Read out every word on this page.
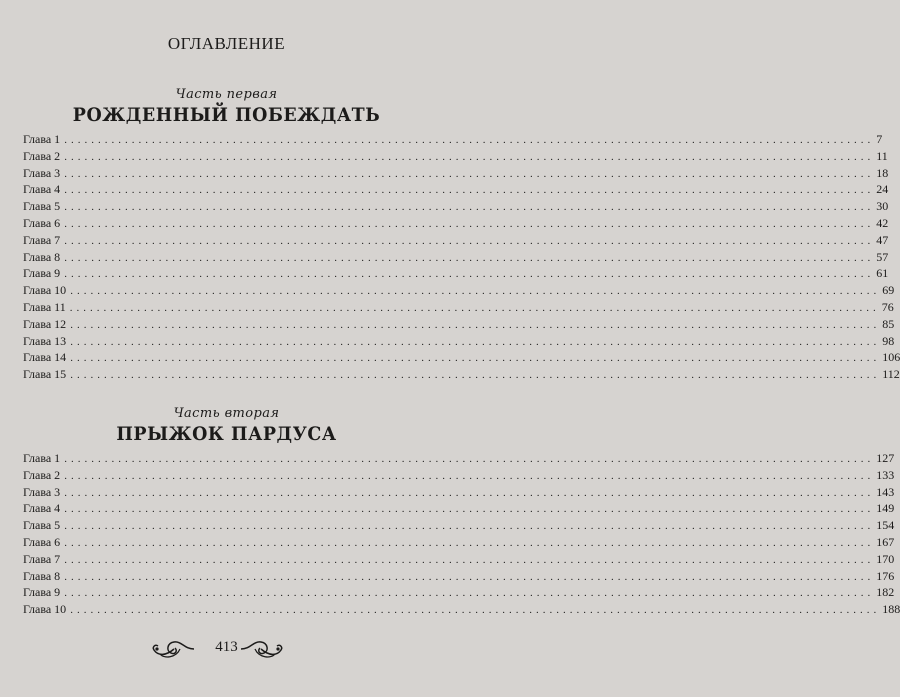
ОГЛАВЛЕНИЕ
Часть первая
РОЖДЕННЫЙ ПОБЕЖДАТЬ
Глава 1 ........................................................................................................................ 7
Глава 2 ........................................................................................................................ 11
Глава 3 ........................................................................................................................ 18
Глава 4 ........................................................................................................................ 24
Глава 5 ........................................................................................................................ 30
Глава 6 ........................................................................................................................ 42
Глава 7 ........................................................................................................................ 47
Глава 8 ........................................................................................................................ 57
Глава 9 ........................................................................................................................ 61
Глава 10 ........................................................................................................................ 69
Глава 11 ........................................................................................................................ 76
Глава 12 ........................................................................................................................ 85
Глава 13 ........................................................................................................................ 98
Глава 14 ........................................................................................................................ 106
Глава 15 ........................................................................................................................ 112
Часть вторая
ПРЫЖОК ПАРДУСА
Глава 1 ........................................................................................................................ 127
Глава 2 ........................................................................................................................ 133
Глава 3 ........................................................................................................................ 143
Глава 4 ........................................................................................................................ 149
Глава 5 ........................................................................................................................ 154
Глава 6 ........................................................................................................................ 167
Глава 7 ........................................................................................................................ 170
Глава 8 ........................................................................................................................ 176
Глава 9 ........................................................................................................................ 182
Глава 10 ........................................................................................................................ 188
413
